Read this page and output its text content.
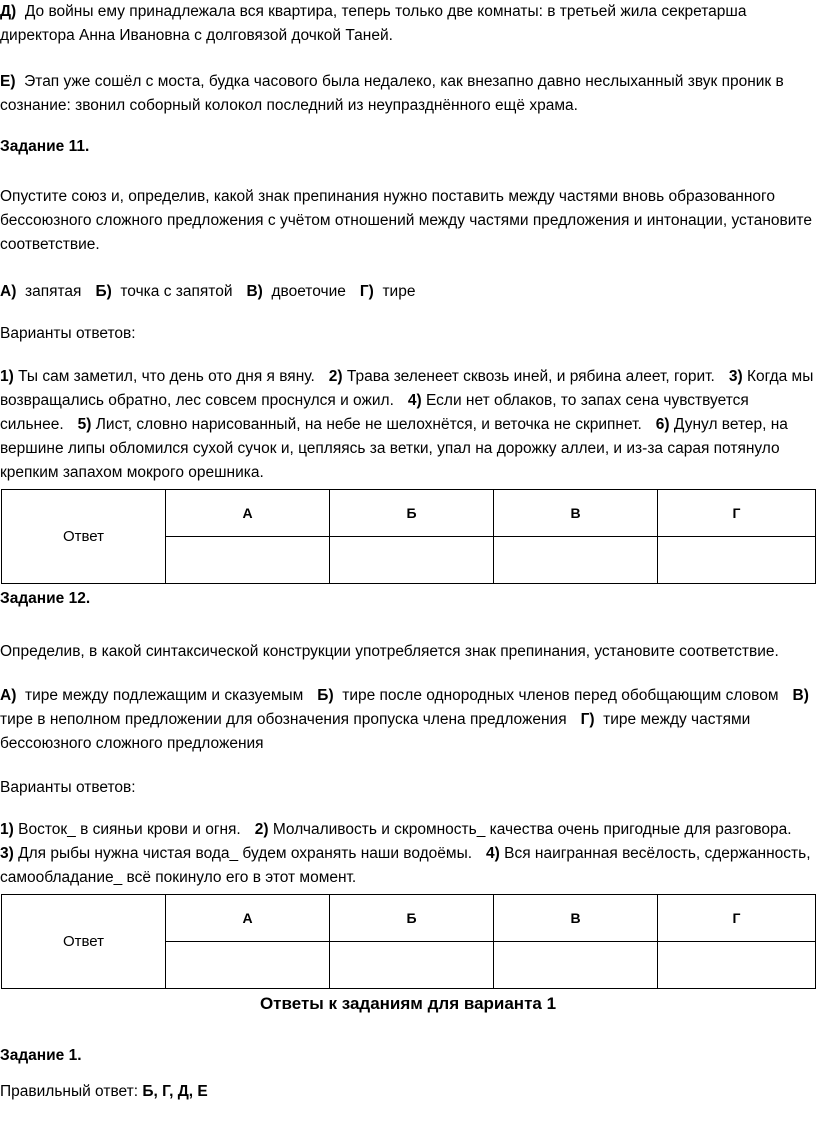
Д) До войны ему принадлежала вся квартира, теперь только две комнаты: в третьей жила секретарша директора Анна Ивановна с долговязой дочкой Таней.

Е) Этап уже сошёл с моста, будка часового была недалеко, как внезапно давно неслыханный звук проник в сознание: звонил соборный колокол последний из неупразднённого ещё храма.

Задание 11.

Опустите союз и, определив, какой знак препинания нужно поставить между частями вновь образованного бессоюзного сложного предложения с учётом отношений между частями предложения и интонации, установите соответствие.

А) запятая Б) точка с запятой В) двоеточие Г) тире

Варианты ответов:

1) Ты сам заметил, что день ото дня я вяну. 2) Трава зеленеет сквозь иней, и рябина алеет, горит. 3) Когда мы возвращались обратно, лес совсем проснулся и ожил. 4) Если нет облаков, то запах сена чувствуется сильнее. 5) Лист, словно нарисованный, на небе не шелохнётся, и веточка не скрипнет. 6) Дунул ветер, на вершине липы обломился сухой сучок и, цепляясь за ветки, упал на дорожку аллеи, и из-за сарая потянуло крепким запахом мокрого орешника.

Ответ	А	Б	В	Г

Задание 12.

Определив, в какой синтаксической конструкции употребляется знак препинания, установите соответствие.

А) тире между подлежащим и сказуемым Б) тире после однородных членов перед обобщающим словом В)  тире в неполном предложении для обозначения пропуска члена предложения Г) тире между частями бессоюзного сложного предложения

Варианты ответов:

1) Восток_ в сияньи крови и огня. 2) Молчаливость и скромность_ качества очень пригодные для разговора.3) Для рыбы нужна чистая вода_ будем охранять наши водоёмы. 4) Вся наигранная весёлость, сдержанность, самообладание_ всё покинуло его в этот момент.

Ответ	А	Б	В	Г

Ответы к заданиям для варианта 1

Задание 1.

Правильный ответ: Б, Г, Д, Е
